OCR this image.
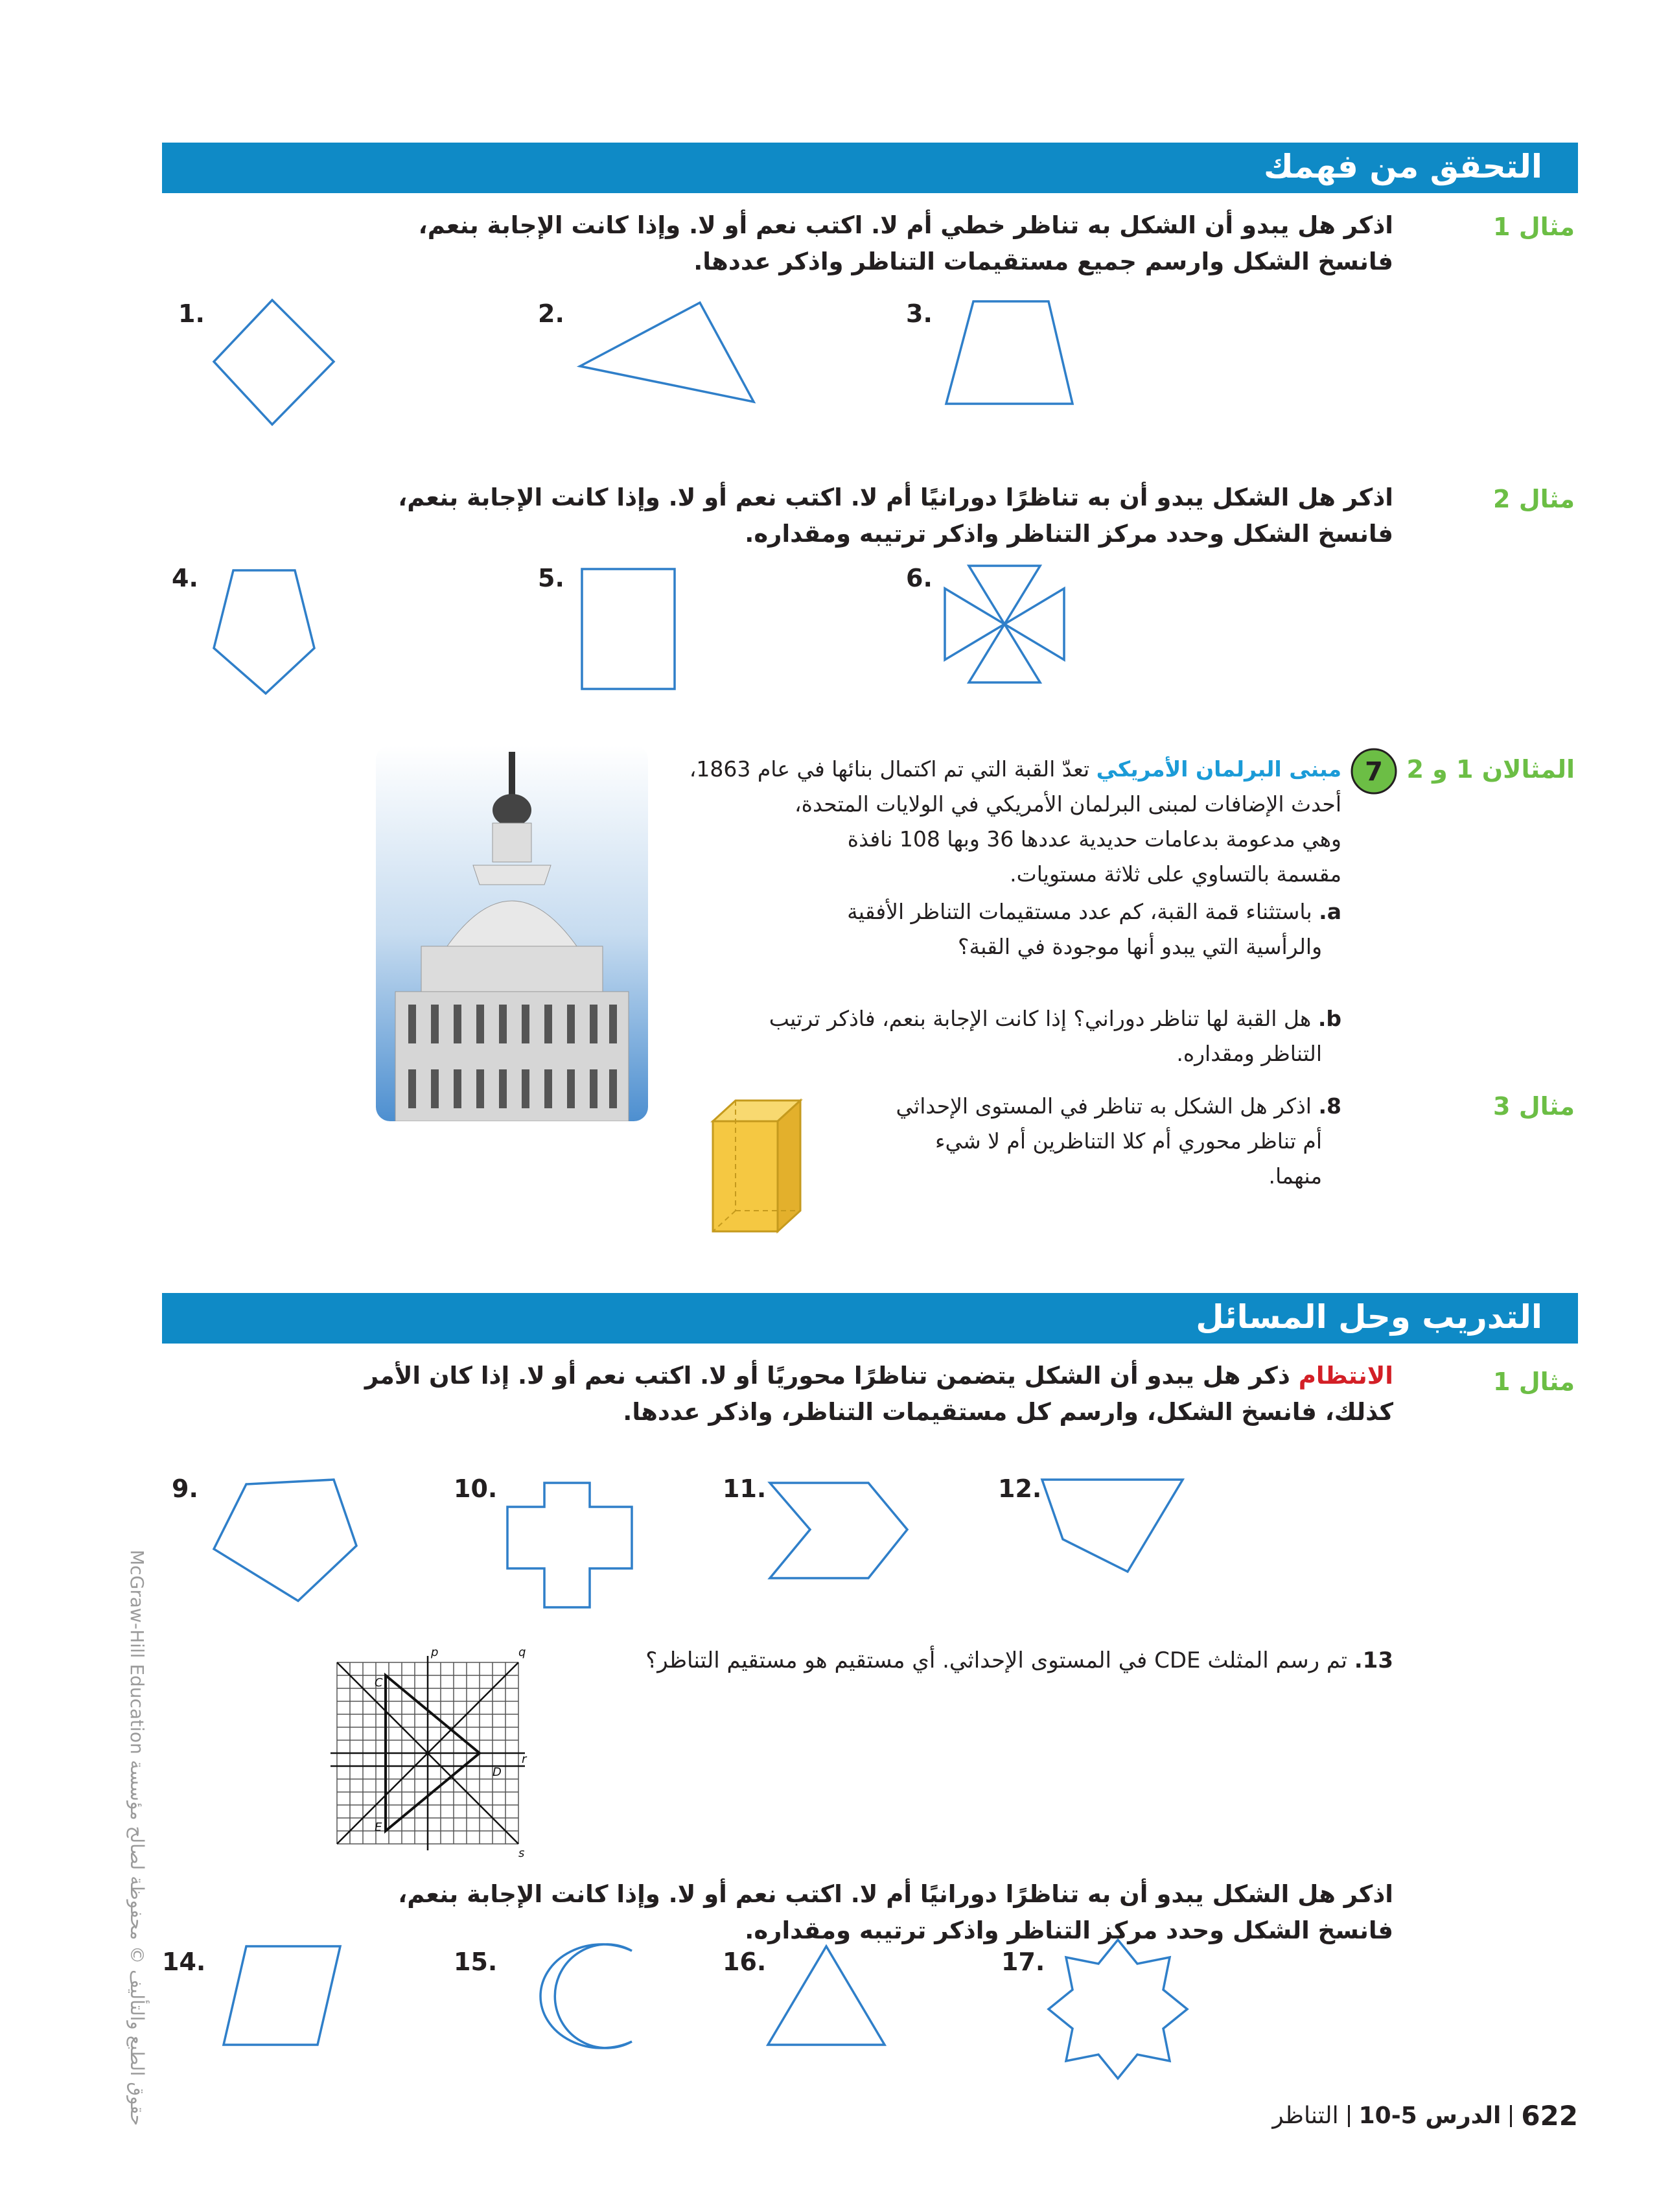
التحقق من فهمك
مثال 1
اذكر هل يبدو أن الشكل به تناظر خطي أم لا. اكتب نعم أو لا. وإذا كانت الإجابة بنعم،
فانسخ الشكل وارسم جميع مستقيمات التناظر واذكر عددها.
1.	2.	3.
مثال 2
اذكر هل الشكل يبدو أن به تناظرًا دورانيًا أم لا. اكتب نعم أو لا. وإذا كانت الإجابة بنعم،
فانسخ الشكل وحدد مركز التناظر واذكر ترتيبه ومقداره.
4.	5.	6.
المثالان 1 و 2
7
مبنى البرلمان الأمريكي تعدّ القبة التي تم اكتمال بنائها في عام 1863،
أحدث الإضافات لمبنى البرلمان الأمريكي في الولايات المتحدة،
وهي مدعومة بدعامات حديدية عددها 36 وبها 108 نافذة
مقسمة بالتساوي على ثلاثة مستويات.
a. باستثناء قمة القبة، كم عدد مستقيمات التناظر الأفقية
والرأسية التي يبدو أنها موجودة في القبة؟
b. هل القبة لها تناظر دوراني؟ إذا كانت الإجابة بنعم، فاذكر ترتيب
التناظر ومقداره.
مثال 3
8. اذكر هل الشكل به تناظر في المستوى الإحداثي
أم تناظر محوري أم كلا التناظرين أم لا شيء
منهما.
التدريب وحل المسائل
مثال 1
الانتظام ذكر هل يبدو أن الشكل يتضمن تناظرًا محوريًا أو لا. اكتب نعم أو لا. إذا كان الأمر
كذلك، فانسخ الشكل، وارسم كل مستقيمات التناظر، واذكر عددها.
9.	10.	11.	12.
13. تم رسم المثلث CDE في المستوى الإحداثي. أي مستقيم هو مستقيم التناظر؟
p	q
r
s
C
D
E
اذكر هل الشكل يبدو أن به تناظرًا دورانيًا أم لا. اكتب نعم أو لا. وإذا كانت الإجابة بنعم،
فانسخ الشكل وحدد مركز التناظر واذكر ترتيبه ومقداره.
14.	15.	16.	17.
حقوق الطبع والتأليف © محفوظة لصالح مؤسسة McGraw-Hill Education	622
الدرس 5-10
التناظر
